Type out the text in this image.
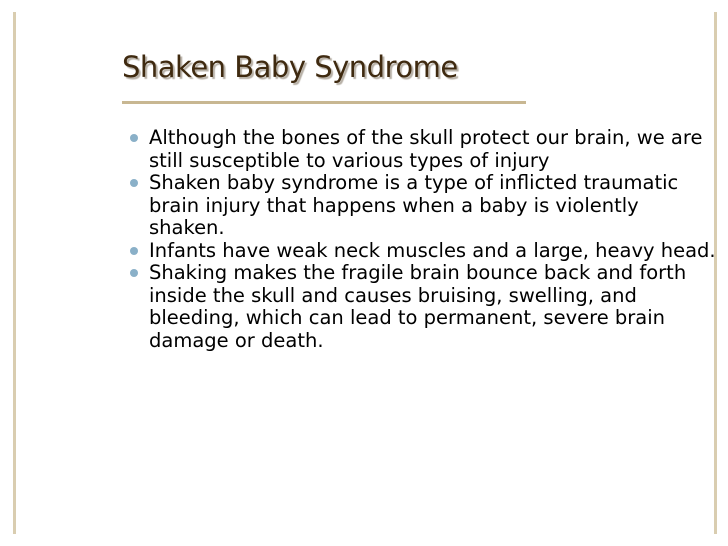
Shaken Baby Syndrome
Although the bones of the skull protect our brain, we are still susceptible to various types of injury
Shaken baby syndrome is a type of inflicted traumatic brain injury that happens when a baby is violently shaken.
Infants have weak neck muscles and a large, heavy head.
Shaking makes the fragile brain bounce back and forth inside the skull and causes bruising, swelling, and bleeding, which can lead to permanent, severe brain damage or death.
